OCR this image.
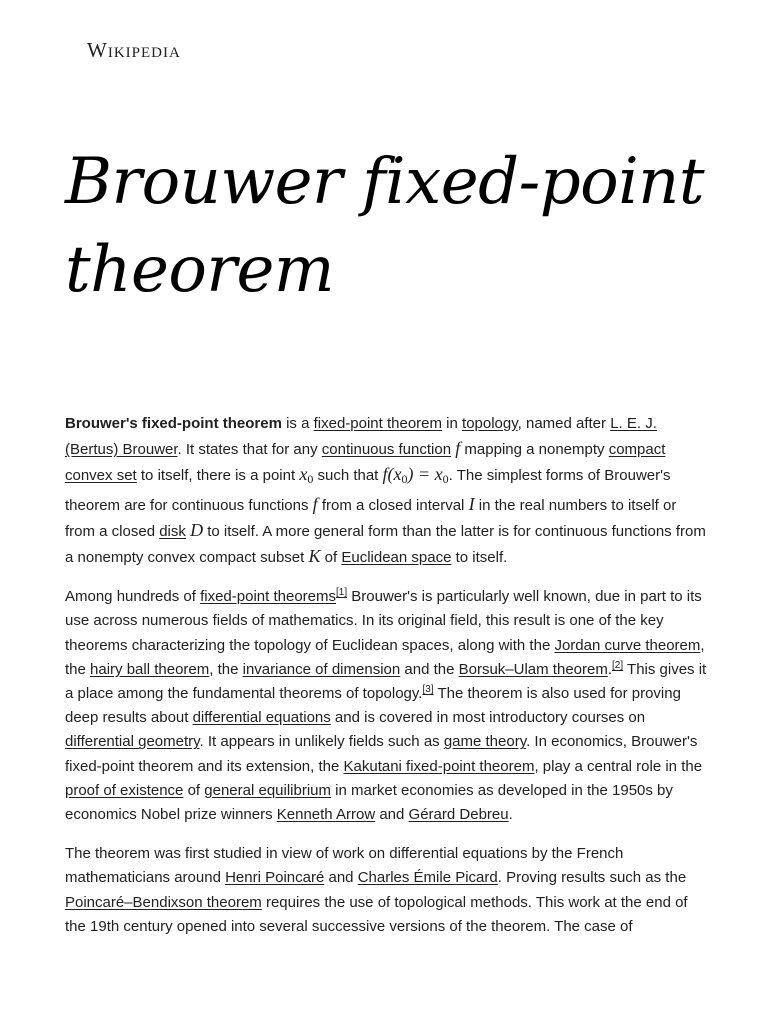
Wikipedia
Brouwer fixed-point theorem

Brouwer's fixed-point theorem is a fixed-point theorem in topology, named after L. E. J. (Bertus) Brouwer. It states that for any continuous function f mapping a nonempty compact convex set to itself, there is a point $x_0$ such that $f(x_0) = x_0$. The simplest forms of Brouwer's theorem are for continuous functions f from a closed interval I in the real numbers to itself or from a closed disk D to itself. A more general form than the latter is for continuous functions from a nonempty convex compact subset K of Euclidean space to itself.

Among hundreds of fixed-point theorems[1] Brouwer's is particularly well known, due in part to its use across numerous fields of mathematics. In its original field, this result is one of the key theorems characterizing the topology of Euclidean spaces, along with the Jordan curve theorem, the hairy ball theorem, the invariance of dimension and the Borsuk–Ulam theorem.[2] This gives it a place among the fundamental theorems of topology.[3] The theorem is also used for proving deep results about differential equations and is covered in most introductory courses on differential geometry. It appears in unlikely fields such as game theory. In economics, Brouwer's fixed-point theorem and its extension, the Kakutani fixed-point theorem, play a central role in the proof of existence of general equilibrium in market economies as developed in the 1950s by economics Nobel prize winners Kenneth Arrow and Gérard Debreu.

The theorem was first studied in view of work on differential equations by the French mathematicians around Henri Poincaré and Charles Émile Picard. Proving results such as the Poincaré–Bendixson theorem requires the use of topological methods. This work at the end of the 19th century opened into several successive versions of the theorem. The case of
